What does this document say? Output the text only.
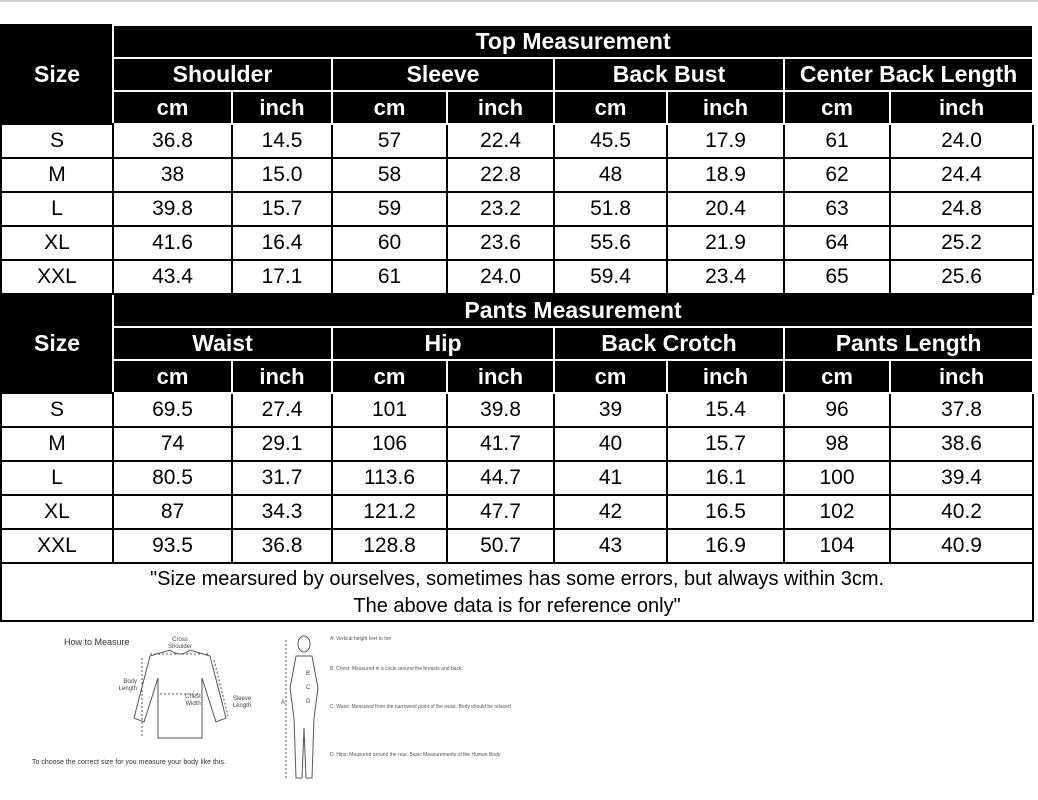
Size	Top Measurement							
	Shoulder		Sleeve		Back Bust		Center Back Length	
	cm	inch	cm	inch	cm	inch	cm	inch
S	36.8	14.5	57	22.4	45.5	17.9	61	24.0
M	38	15.0	58	22.8	48	18.9	62	24.4
L	39.8	15.7	59	23.2	51.8	20.4	63	24.8
XL	41.6	16.4	60	23.6	55.6	21.9	64	25.2
XXL	43.4	17.1	61	24.0	59.4	23.4	65	25.6
Size	Pants Measurement							
	Waist		Hip		Back Crotch		Pants Length	
	cm	inch	cm	inch	cm	inch	cm	inch
S	69.5	27.4	101	39.8	39	15.4	96	37.8
M	74	29.1	106	41.7	40	15.7	98	38.6
L	80.5	31.7	113.6	44.7	41	16.1	100	39.4
XL	87	34.3	121.2	47.7	42	16.5	102	40.2
XXL	93.5	36.8	128.8	50.7	43	16.9	104	40.9

"Size mearsured by ourselves, sometimes has some errors, but always within 3cm.
The above data is for reference only"								
How to Measure	Cross
Shoulder
Body
Length
Chest
Width
Sleeve
Length
To choose the correct size for you measure your body like this.
A
B
C
D
A. Vertical height feet to toe
B. Chest: Measured in a circle around the breasts and back.
C. Waist: Measured from the narrowest point of the waist. Body should be relaxed.
D. Hips: Measured around the rear. Basic Measurements of the Human Body
